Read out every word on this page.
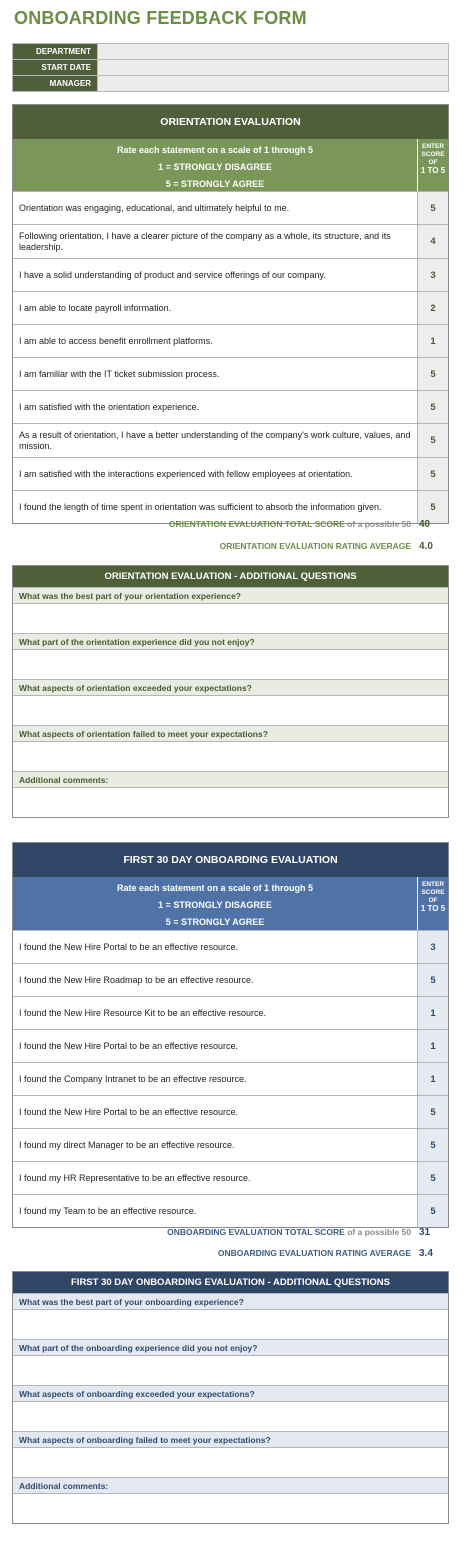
ONBOARDING FEEDBACK FORM
DEPARTMENT	
START DATE	
MANAGER	
ORIENTATION EVALUATION
Rate each statement on a scale of 1 through 5
1 = STRONGLY DISAGREE
5 = STRONGLY AGREE
ENTER
SCORE
OF
1 TO 5
Orientation was engaging, educational, and ultimately helpful to me.	5
Following orientation, I have a clearer picture of the company as a whole, its structure, and its leadership.	4
I have a solid understanding of product and service offerings of our company.	3
I am able to locate payroll information.	2
I am able to access benefit enrollment platforms.	1
I am familiar with the IT ticket submission process.	5
I am satisfied with the orientation experience.	5
As a result of orientation, I have a better understanding of the company's work culture, values, and mission.	5
I am satisfied with the interactions experienced with fellow employees at orientation.	5
I found the length of time spent in orientation was sufficient to absorb the information given.	5
ORIENTATION EVALUATION TOTAL SCORE of a possible 50 40
ORIENTATION EVALUATION RATING AVERAGE 4.0
ORIENTATION EVALUATION - ADDITIONAL QUESTIONS
What was the best part of your orientation experience?
What part of the orientation experience did you not enjoy?
What aspects of orientation exceeded your expectations?
What aspects of orientation failed to meet your expectations?
Additional comments:
FIRST 30 DAY ONBOARDING EVALUATION
Rate each statement on a scale of 1 through 5
1 = STRONGLY DISAGREE
5 = STRONGLY AGREE
ENTER
SCORE
OF
1 TO 5
I found the New Hire Portal to be an effective resource.	3
I found the New Hire Roadmap to be an effective resource.	5
I found the New Hire Resource Kit to be an effective resource.	1
I found the New Hire Portal to be an effective resource.	1
I found the Company Intranet to be an effective resource.	1
I found the New Hire Portal to be an effective resource.	5
I found my direct Manager to be an effective resource.	5
I found my HR Representative to be an effective resource.	5
I found my Team to be an effective resource.	5
ONBOARDING EVALUATION TOTAL SCORE of a possible 50 31
ONBOARDING EVALUATION RATING AVERAGE 3.4
FIRST 30 DAY ONBOARDING EVALUATION - ADDITIONAL QUESTIONS
What was the best part of your onboarding experience?
What part of the onboarding experience did you not enjoy?
What aspects of onboarding exceeded your expectations?
What aspects of onboarding failed to meet your expectations?
Additional comments:
